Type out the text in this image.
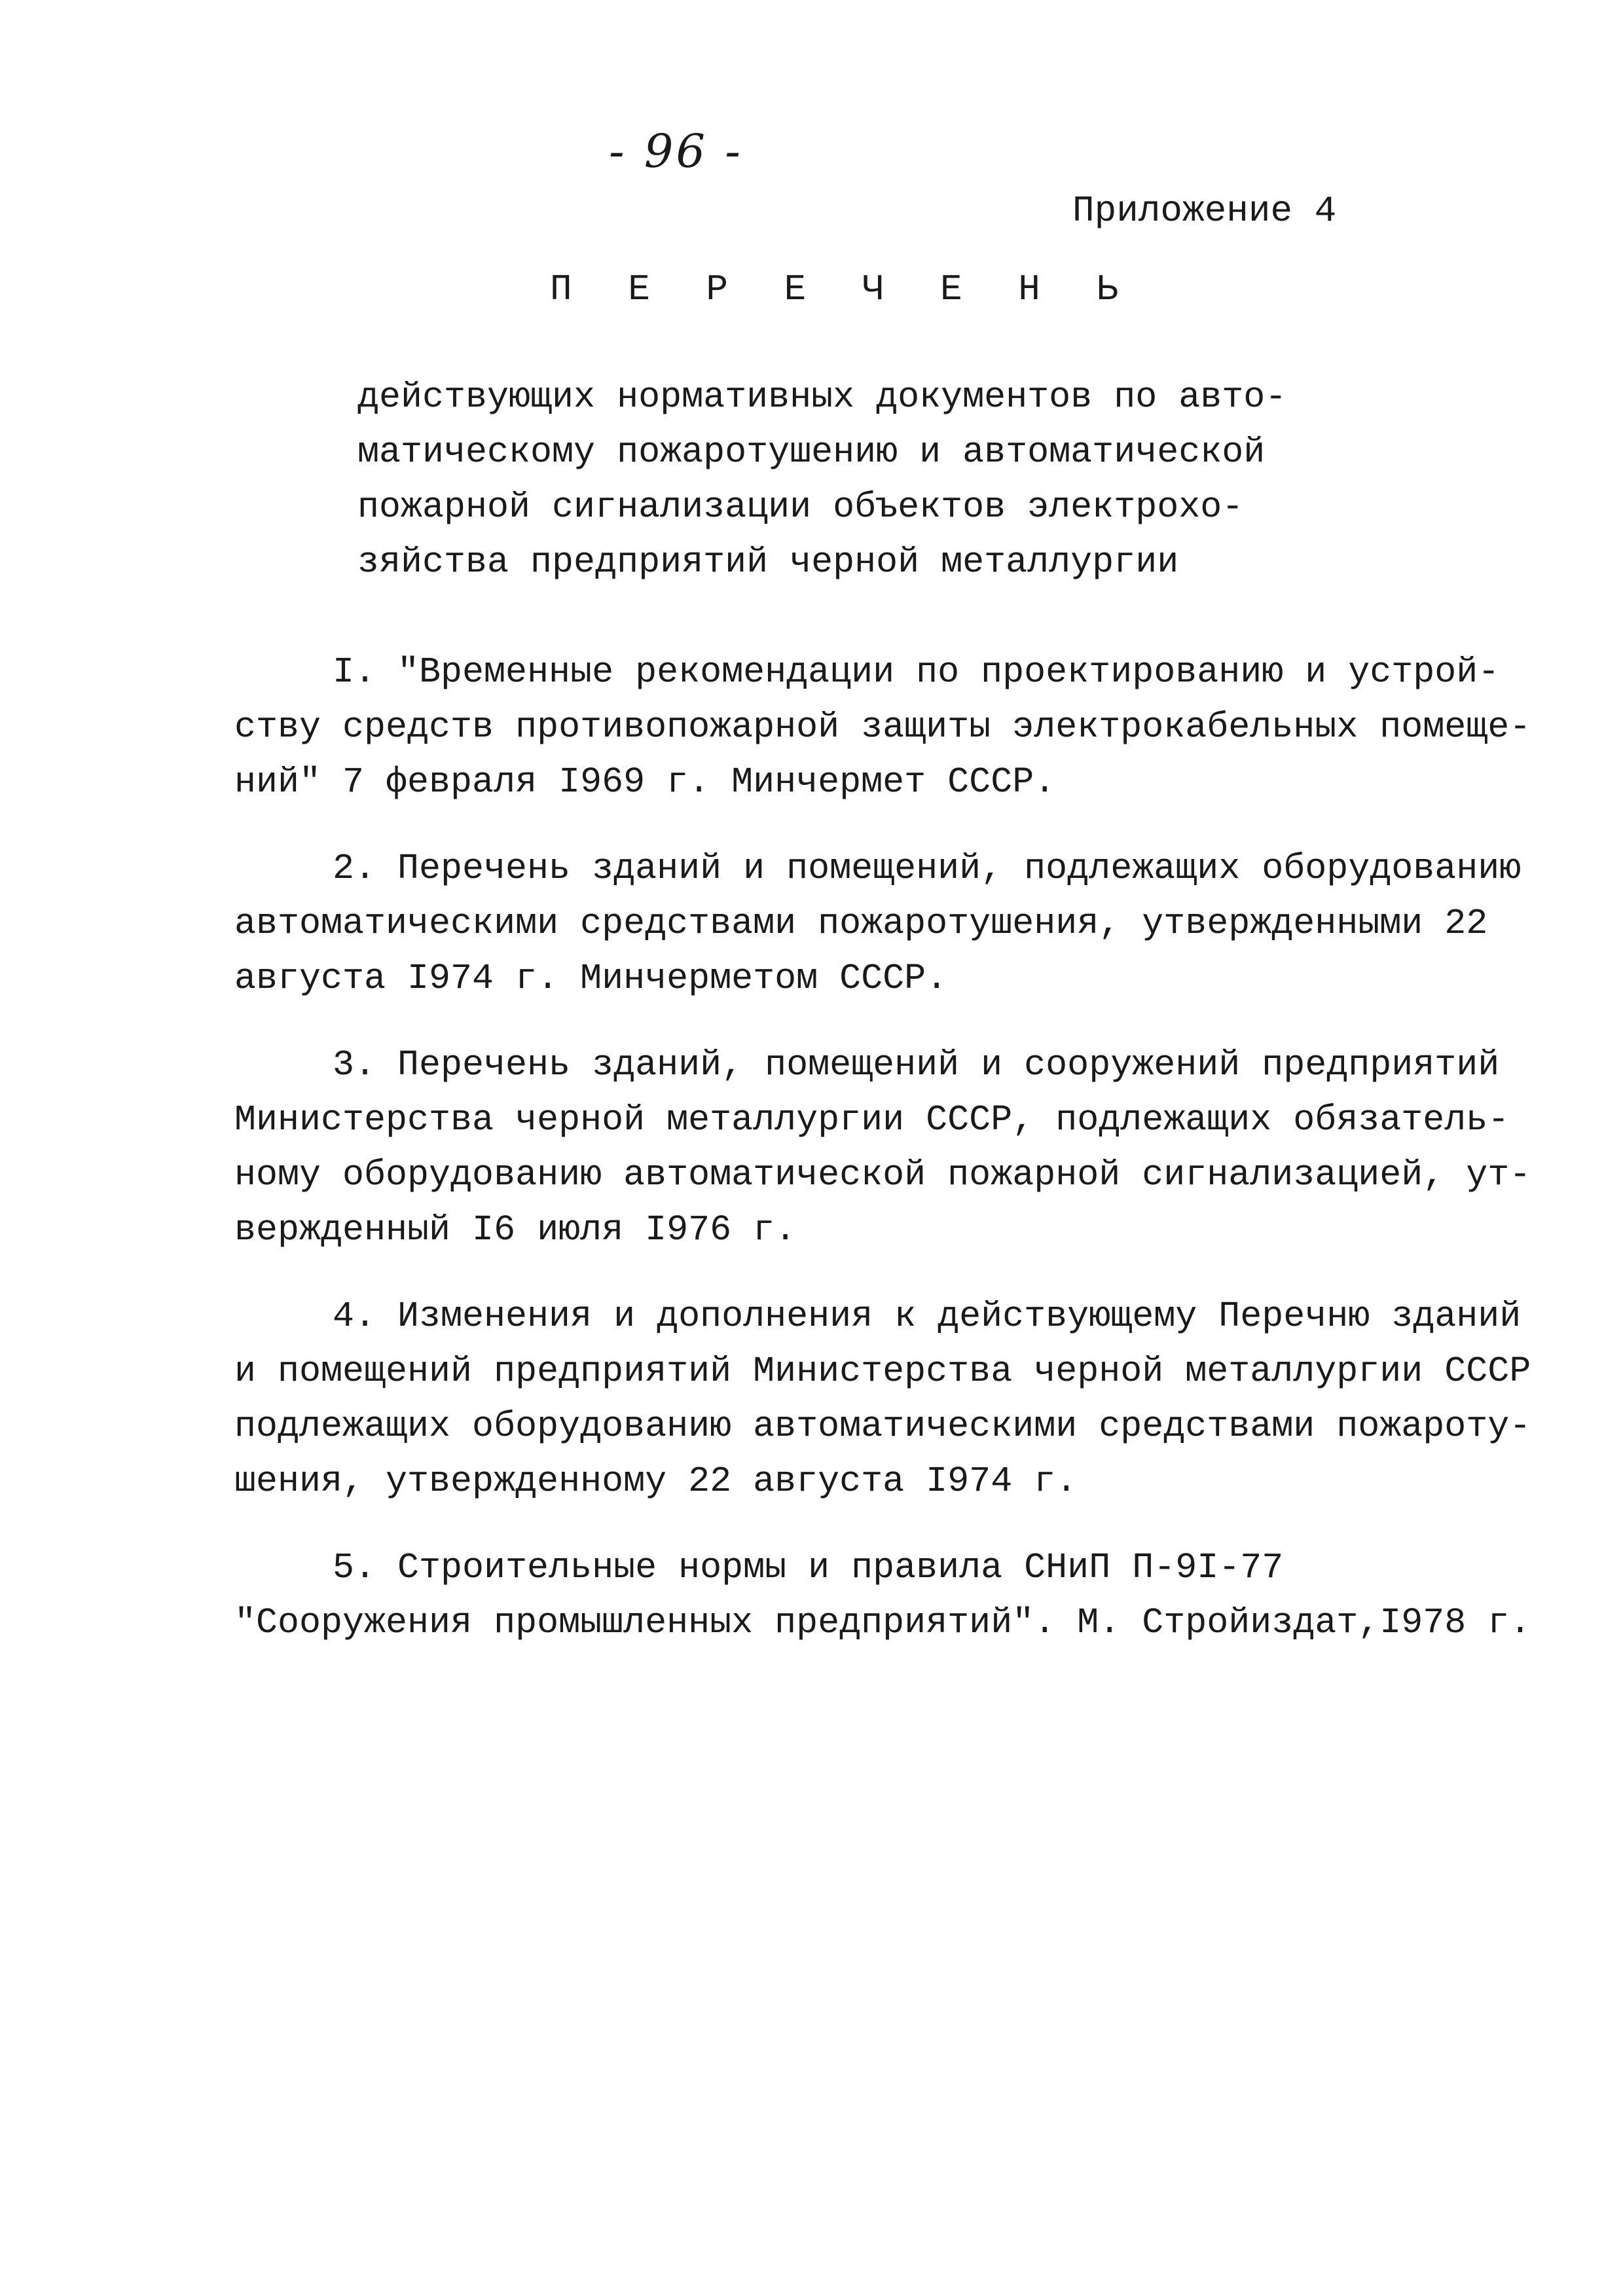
- 96 -
Приложение 4
П Е Р Е Ч Е Н Ь
действующих нормативных документов по авто-
матическому пожаротушению и автоматической
пожарной сигнализации объектов электрохо-
зяйства предприятий черной металлургии
I. "Временные рекомендации по проектированию и устрой-
ству средств противопожарной защиты электрокабельных помеще-
ний" 7 февраля I969 г. Минчермет СССР.
2. Перечень зданий и помещений, подлежащих оборудованию
автоматическими средствами пожаротушения, утвержденными 22
августа I974 г. Минчерметом СССР.
3. Перечень зданий, помещений и сооружений предприятий
Министерства черной металлургии СССР, подлежащих обязатель-
ному оборудованию автоматической пожарной сигнализацией, ут-
вержденный I6 июля I976 г.
4. Изменения и дополнения к действующему Перечню зданий
и помещений предприятий Министерства черной металлургии СССР
подлежащих оборудованию автоматическими средствами пожароту-
шения, утвержденному 22 августа I974 г.
5. Строительные нормы и правила СНиП П-9I-77
"Сооружения промышленных предприятий". М. Стройиздат,I978 г.
